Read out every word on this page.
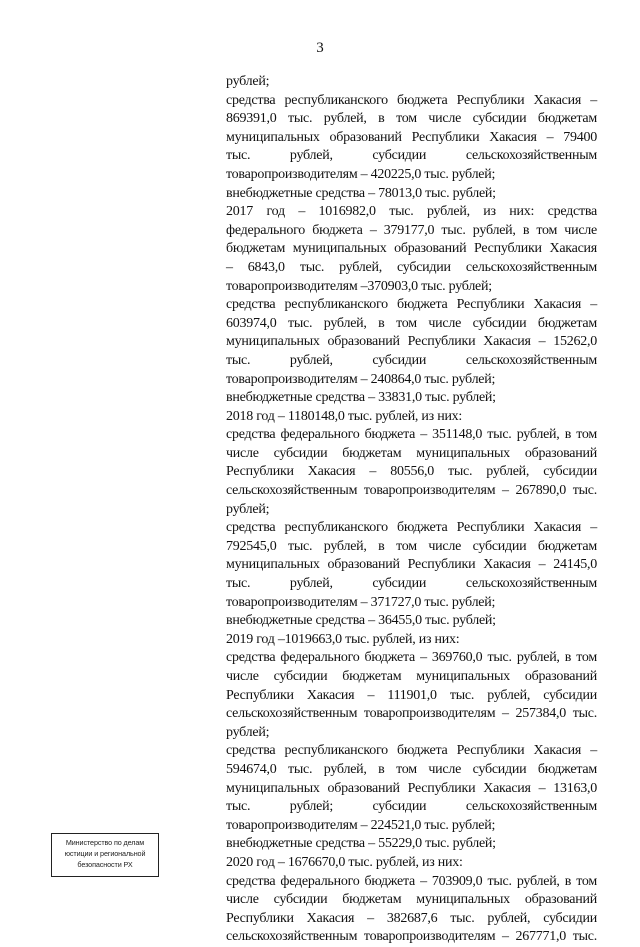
3
рублей;
средства республиканского бюджета Республики Хакасия –
869391,0 тыс. рублей, в том числе субсидии бюджетам
муниципальных образований Республики Хакасия – 79400
тыс. рублей, субсидии сельскохозяйственным
товаропроизводителям – 420225,0 тыс. рублей;
внебюджетные средства – 78013,0 тыс. рублей;
2017 год – 1016982,0 тыс. рублей, из них: средства
федерального бюджета – 379177,0 тыс. рублей, в том числе
бюджетам муниципальных образований Республики Хакасия
– 6843,0 тыс. рублей, субсидии сельскохозяйственным
товаропроизводителям –370903,0 тыс. рублей;
средства республиканского бюджета Республики Хакасия –
603974,0 тыс. рублей, в том числе субсидии бюджетам
муниципальных образований Республики Хакасия – 15262,0
тыс. рублей, субсидии сельскохозяйственным
товаропроизводителям – 240864,0 тыс. рублей;
внебюджетные средства – 33831,0 тыс. рублей;
2018 год – 1180148,0 тыс. рублей, из них:
средства федерального бюджета – 351148,0 тыс. рублей, в том
числе субсидии бюджетам муниципальных образований
Республики Хакасия – 80556,0 тыс. рублей, субсидии
сельскохозяйственным товаропроизводителям – 267890,0 тыс.
рублей;
средства республиканского бюджета Республики Хакасия –
792545,0 тыс. рублей, в том числе субсидии бюджетам
муниципальных образований Республики Хакасия – 24145,0
тыс. рублей, субсидии сельскохозяйственным
товаропроизводителям – 371727,0 тыс. рублей;
внебюджетные средства – 36455,0 тыс. рублей;
2019 год –1019663,0 тыс. рублей, из них:
средства федерального бюджета – 369760,0 тыс. рублей, в том
числе субсидии бюджетам муниципальных образований
Республики Хакасия – 111901,0 тыс. рублей, субсидии
сельскохозяйственным товаропроизводителям – 257384,0 тыс.
рублей;
средства республиканского бюджета Республики Хакасия –
594674,0 тыс. рублей, в том числе субсидии бюджетам
муниципальных образований Республики Хакасия – 13163,0
тыс. рублей; субсидии сельскохозяйственным
товаропроизводителям – 224521,0 тыс. рублей;
внебюджетные средства – 55229,0 тыс. рублей;
2020 год – 1676670,0 тыс. рублей, из них:
средства федерального бюджета – 703909,0 тыс. рублей, в том
числе субсидии бюджетам муниципальных образований
Республики Хакасия – 382687,6 тыс. рублей, субсидии
сельскохозяйственным товаропроизводителям – 267771,0 тыс.
Министерство по делам
юстиции и региональной
безопасности РХ
